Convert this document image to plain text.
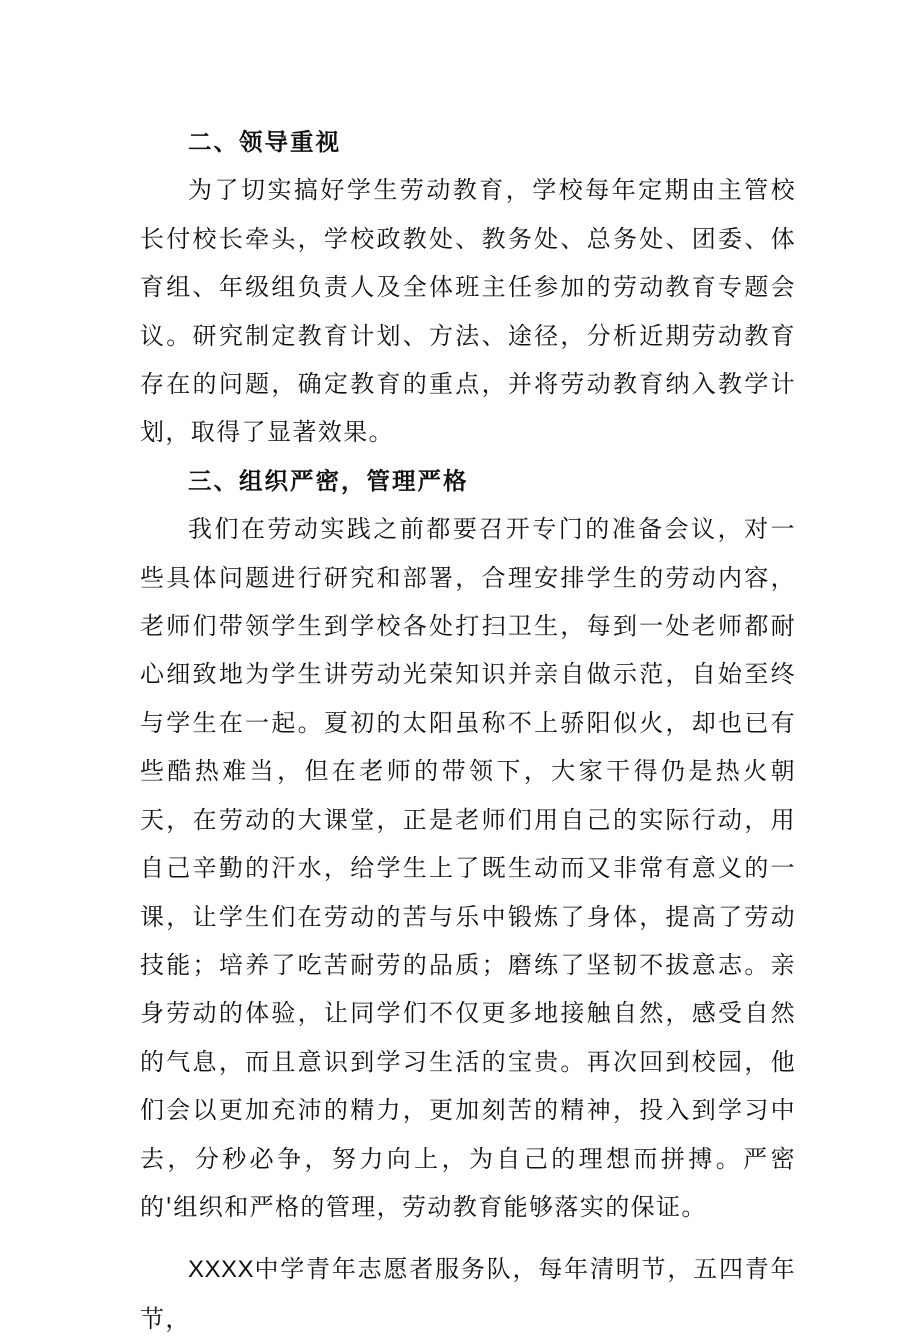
二、领导重视

为了切实搞好学生劳动教育，学校每年定期由主管校长付校长牵头，学校政教处、教务处、总务处、团委、体育组、年级组负责人及全体班主任参加的劳动教育专题会议。研究制定教育计划、方法、途径，分析近期劳动教育存在的问题，确定教育的重点，并将劳动教育纳入教学计划，取得了显著效果。

三、组织严密，管理严格

我们在劳动实践之前都要召开专门的准备会议，对一些具体问题进行研究和部署，合理安排学生的劳动内容，老师们带领学生到学校各处打扫卫生，每到一处老师都耐心细致地为学生讲劳动光荣知识并亲自做示范，自始至终与学生在一起。夏初的太阳虽称不上骄阳似火，却也已有些酷热难当，但在老师的带领下，大家干得仍是热火朝天，在劳动的大课堂，正是老师们用自己的实际行动，用自己辛勤的汗水，给学生上了既生动而又非常有意义的一课，让学生们在劳动的苦与乐中锻炼了身体，提高了劳动技能；培养了吃苦耐劳的品质；磨练了坚韧不拔意志。亲身劳动的体验，让同学们不仅更多地接触自然，感受自然的气息，而且意识到学习生活的宝贵。再次回到校园，他们会以更加充沛的精力，更加刻苦的精神，投入到学习中去，分秒必争，努力向上，为自己的理想而拼搏。严密的'组织和严格的管理，劳动教育能够落实的保证。

XXXX中学青年志愿者服务队，每年清明节，五四青年节，
